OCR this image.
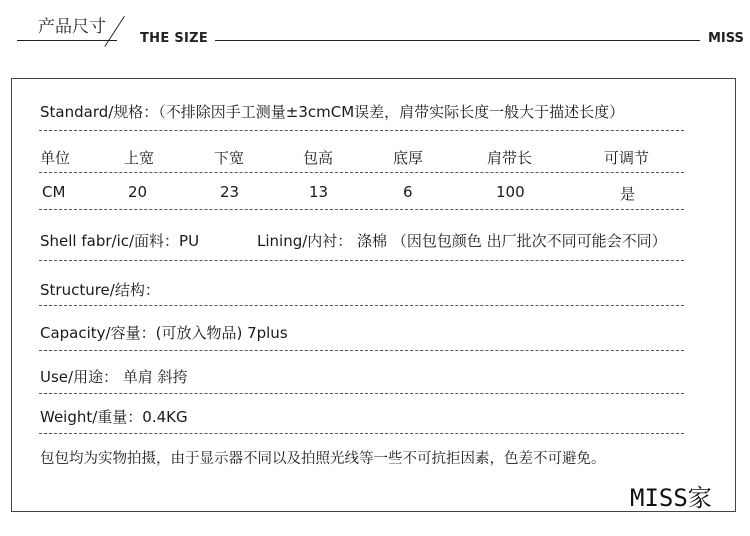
产品尺寸
THE SIZE	MISS
Standard/规格：（不排除因手工测量±3cmCM误差，肩带实际长度一般大于描述长度）
单位	上宽	下宽	包高	底厚	肩带长	可调节
CM	20	23	13	6	100	是
Shell fabr/ic/面料：PU	Lining/内衬： 涤棉 （因包包颜色 出厂批次不同可能会不同）
Structure/结构：
Capacity/容量：(可放入物品) 7plus
Use/用途： 单肩 斜挎
Weight/重量：0.4KG
包包均为实物拍摄，由于显示器不同以及拍照光线等一些不可抗拒因素，色差不可避免。
MISS家
